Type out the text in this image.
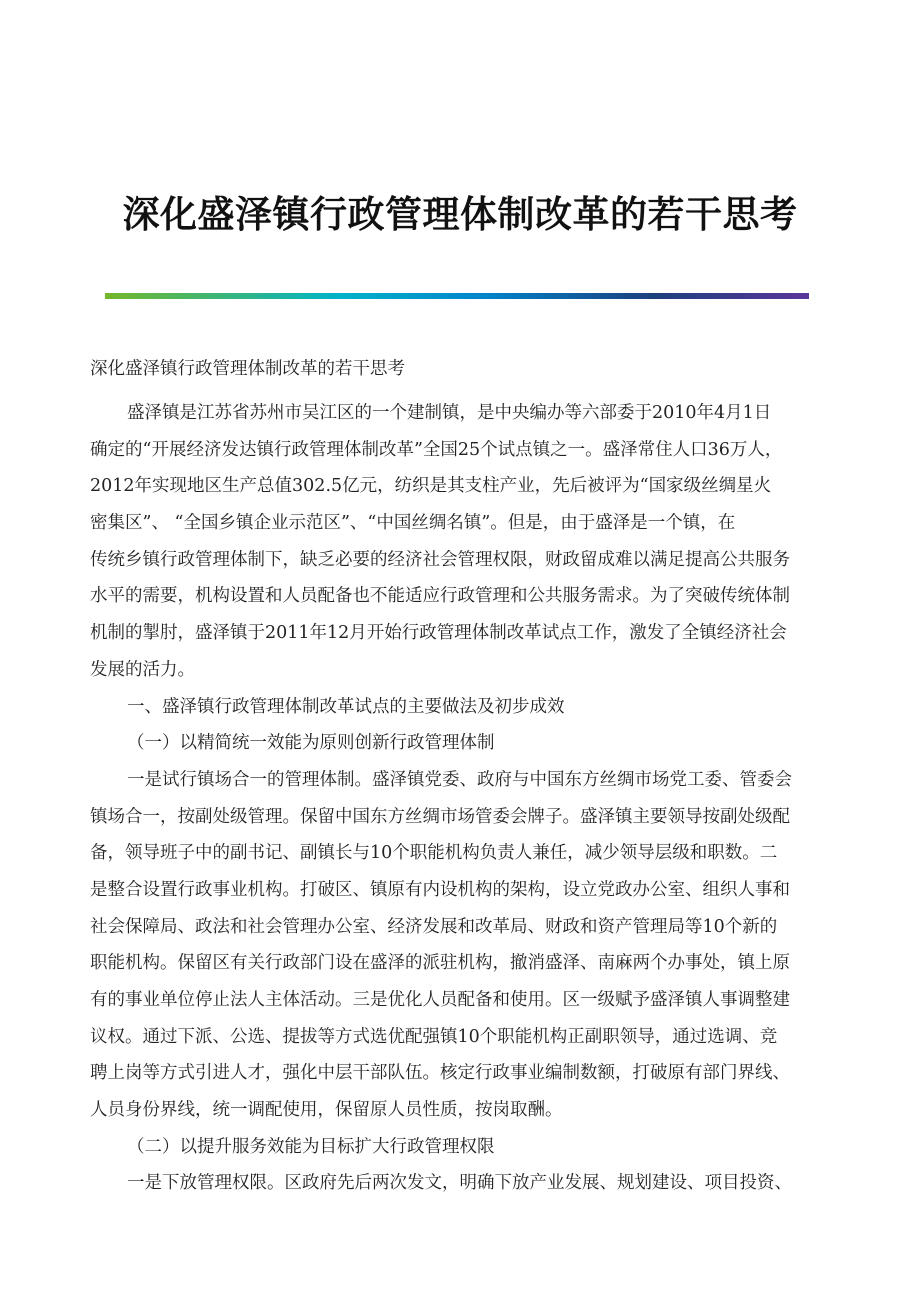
深化盛泽镇行政管理体制改革的若干思考
深化盛泽镇行政管理体制改革的若干思考
盛泽镇是江苏省苏州市吴江区的一个建制镇，是中央编办等六部委于2010年4月1日
确定的“开展经济发达镇行政管理体制改革”全国25个试点镇之一。盛泽常住人口36万人，
2012年实现地区生产总值302.5亿元，纺织是其支柱产业，先后被评为“国家级丝绸星火
密集区”、 “全国乡镇企业示范区”、“中国丝绸名镇”。但是，由于盛泽是一个镇，在
传统乡镇行政管理体制下，缺乏必要的经济社会管理权限，财政留成难以满足提高公共服务
水平的需要，机构设置和人员配备也不能适应行政管理和公共服务需求。为了突破传统体制
机制的掣肘，盛泽镇于2011年12月开始行政管理体制改革试点工作，激发了全镇经济社会
发展的活力。
一、盛泽镇行政管理体制改革试点的主要做法及初步成效
（一）以精简统一效能为原则创新行政管理体制
一是试行镇场合一的管理体制。盛泽镇党委、政府与中国东方丝绸市场党工委、管委会
镇场合一，按副处级管理。保留中国东方丝绸市场管委会牌子。盛泽镇主要领导按副处级配
备，领导班子中的副书记、副镇长与10个职能机构负责人兼任，减少领导层级和职数。二
是整合设置行政事业机构。打破区、镇原有内设机构的架构，设立党政办公室、组织人事和
社会保障局、政法和社会管理办公室、经济发展和改革局、财政和资产管理局等10个新的
职能机构。保留区有关行政部门设在盛泽的派驻机构，撤消盛泽、南麻两个办事处，镇上原
有的事业单位停止法人主体活动。三是优化人员配备和使用。区一级赋予盛泽镇人事调整建
议权。通过下派、公选、提拔等方式选优配强镇10个职能机构正副职领导，通过选调、竞
聘上岗等方式引进人才，强化中层干部队伍。核定行政事业编制数额，打破原有部门界线、
人员身份界线，统一调配使用，保留原人员性质，按岗取酬。
（二）以提升服务效能为目标扩大行政管理权限
一是下放管理权限。区政府先后两次发文，明确下放产业发展、规划建设、项目投资、
